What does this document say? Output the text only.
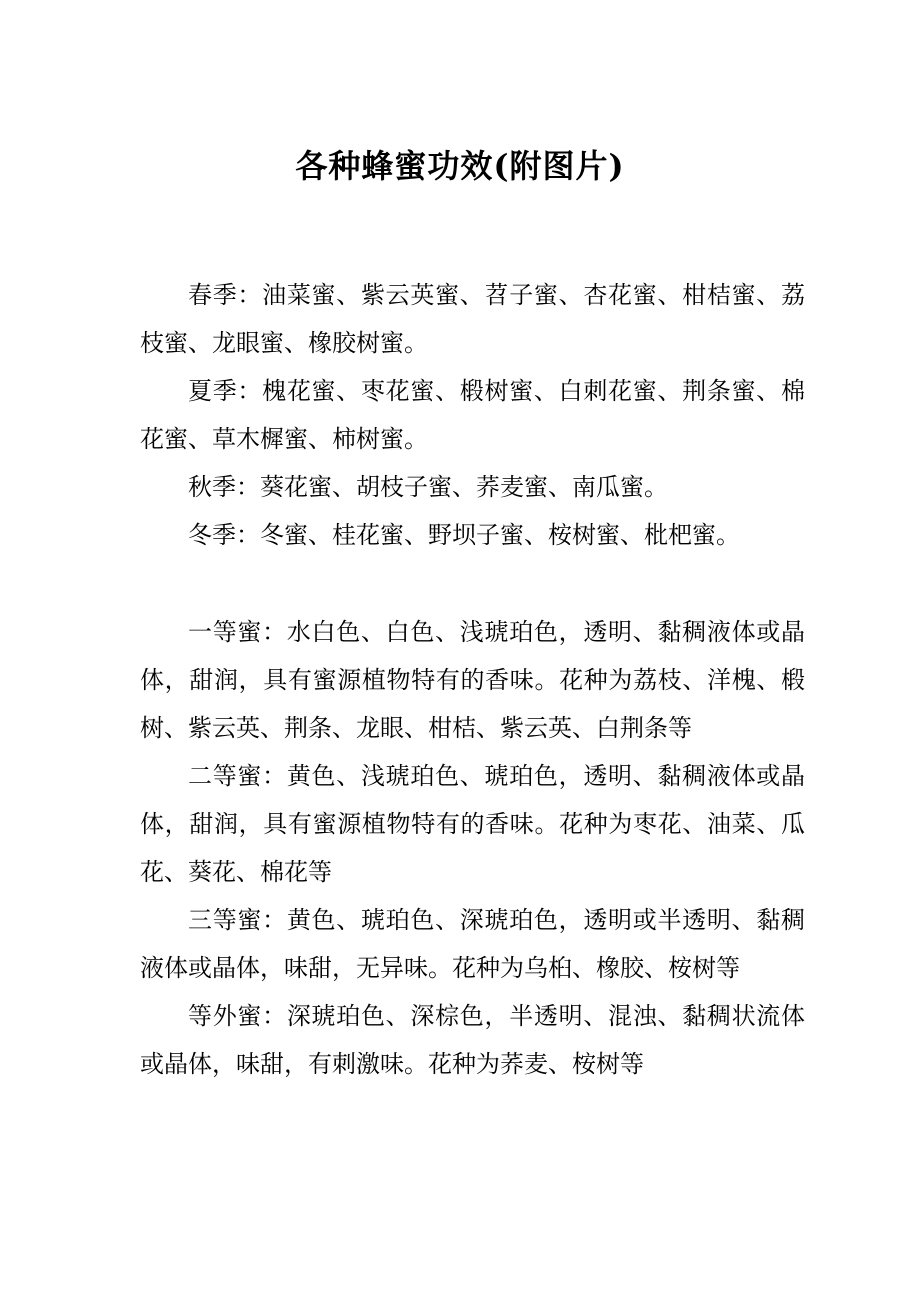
各种蜂蜜功效(附图片)

春季：油菜蜜、紫云英蜜、苕子蜜、杏花蜜、柑桔蜜、荔枝蜜、龙眼蜜、橡胶树蜜。

夏季：槐花蜜、枣花蜜、椴树蜜、白刺花蜜、荆条蜜、棉花蜜、草木樨蜜、柿树蜜。

秋季：葵花蜜、胡枝子蜜、荞麦蜜、南瓜蜜。

冬季：冬蜜、桂花蜜、野坝子蜜、桉树蜜、枇杷蜜。

一等蜜：水白色、白色、浅琥珀色，透明、黏稠液体或晶体，甜润，具有蜜源植物特有的香味。花种为荔枝、洋槐、椴树、紫云英、荆条、龙眼、柑桔、紫云英、白荆条等

二等蜜：黄色、浅琥珀色、琥珀色，透明、黏稠液体或晶体，甜润，具有蜜源植物特有的香味。花种为枣花、油菜、瓜花、葵花、棉花等

三等蜜：黄色、琥珀色、深琥珀色，透明或半透明、黏稠液体或晶体，味甜，无异味。花种为乌桕、橡胶、桉树等

等外蜜：深琥珀色、深棕色，半透明、混浊、黏稠状流体或晶体，味甜，有刺激味。花种为荞麦、桉树等
